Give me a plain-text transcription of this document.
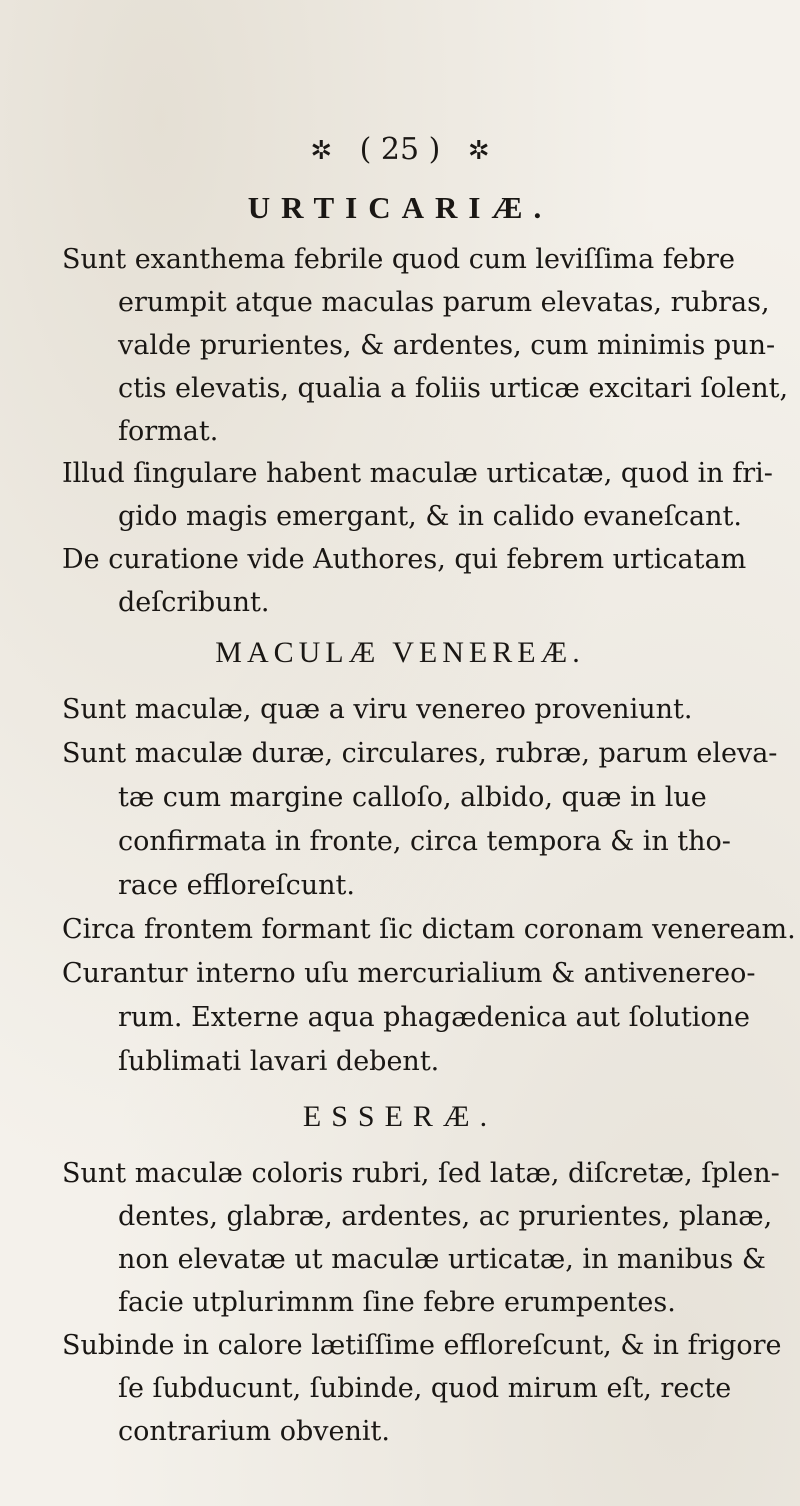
✲ ( 25 ) ✲
URTICARIÆ.
Sunt exanthema febrile quod cum leviſſima febre
erumpit atque maculas parum elevatas, rubras,
valde prurientes, & ardentes, cum minimis pun-
ctis elevatis, qualia a foliis urticæ excitari ſolent,
format.
Illud ſingulare habent maculæ urticatæ, quod in fri-
gido magis emergant, & in calido evaneſcant.
De curatione vide Authores, qui febrem urticatam
deſcribunt.
MACULÆ VENEREÆ.
Sunt maculæ, quæ a viru venereo proveniunt.
Sunt maculæ duræ, circulares, rubræ, parum eleva-
tæ cum margine calloſo, albido, quæ in lue
confirmata in fronte, circa tempora & in tho-
race effloreſcunt.
Circa frontem formant ſic dictam coronam veneream.
Curantur interno uſu mercurialium & antivenereo-
rum. Externe aqua phagædenica aut ſolutione
ſublimati lavari debent.
ESSERÆ.
Sunt maculæ coloris rubri, ſed latæ, diſcretæ, ſplen-
dentes, glabræ, ardentes, ac prurientes, planæ,
non elevatæ ut maculæ urticatæ, in manibus &
facie utplurimnm ſine febre erumpentes.
Subinde in calore lætiſſime effloreſcunt, & in frigore
ſe ſubducunt, ſubinde, quod mirum eſt, recte
contrarium obvenit.
